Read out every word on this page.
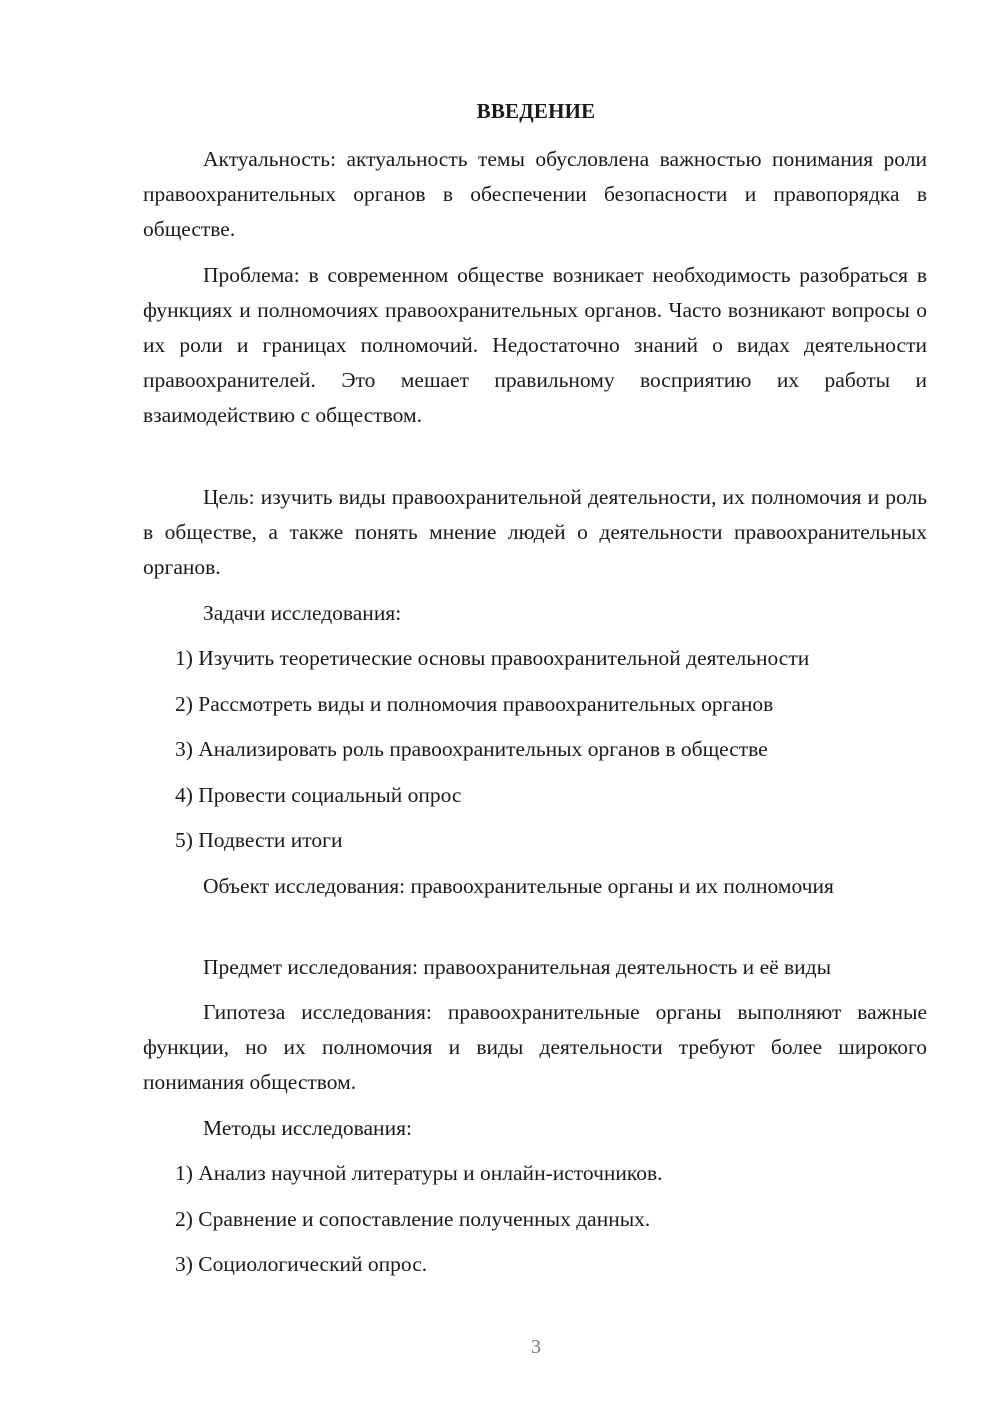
ВВЕДЕНИЕ

Актуальность: актуальность темы обусловлена важностью понимания роли правоохранительных органов в обеспечении безопасности и правопорядка в обществе.

Проблема: в современном обществе возникает необходимость разобраться в функциях и полномочиях правоохранительных органов. Часто возникают вопросы о их роли и границах полномочий. Недостаточно знаний о видах деятельности правоохранителей. Это мешает правильному восприятию их работы и взаимодействию с обществом.

Цель: изучить виды правоохранительной деятельности, их полномочия и роль в обществе, а также понять мнение людей о деятельности правоохранительных органов.

Задачи исследования:

1) Изучить теоретические основы правоохранительной деятельности
2) Рассмотреть виды и полномочия правоохранительных органов
3) Анализировать роль правоохранительных органов в обществе
4) Провести социальный опрос
5) Подвести итоги

Объект исследования: правоохранительные органы и их полномочия

Предмет исследования: правоохранительная деятельность и её виды

Гипотеза исследования: правоохранительные органы выполняют важные функции, но их полномочия и виды деятельности требуют более широкого понимания обществом.

Методы исследования:

1) Анализ научной литературы и онлайн-источников.
2) Сравнение и сопоставление полученных данных.
3) Социологический опрос.
3
